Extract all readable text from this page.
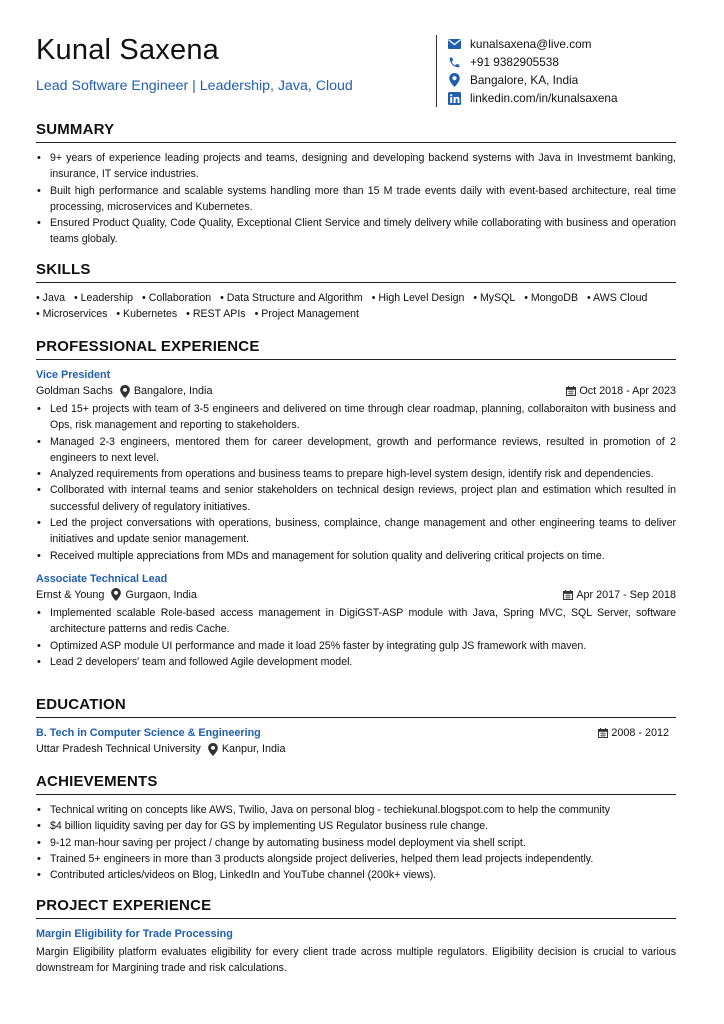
Kunal Saxena
Lead Software Engineer | Leadership, Java, Cloud
kunalsaxena@live.com
+91 9382905538
Bangalore, KA, India
linkedin.com/in/kunalsaxena
SUMMARY
• 9+ years of experience leading projects and teams, designing and developing backend systems with Java in Investmemt banking, insurance, IT service industries.
• Built high performance and scalable systems handling more than 15 M trade events daily with event-based architecture, real time processing, microservices and Kubernetes.
• Ensured Product Quality, Code Quality, Exceptional Client Service and timely delivery while collaborating with business and operation teams globaly.
SKILLS
• Java • Leadership • Collaboration • Data Structure and Algorithm • High Level Design • MySQL • MongoDB • AWS Cloud
• Microservices • Kubernetes • REST APIs • Project Management
PROFESSIONAL EXPERIENCE
Vice President
Goldman Sachs Bangalore, India	Oct 2018 - Apr 2023
• Led 15+ projects with team of 3-5 engineers and delivered on time through clear roadmap, planning, collaboraiton with business and Ops, risk management and reporting to stakeholders.
• Managed 2-3 engineers, mentored them for career development, growth and performance reviews, resulted in promotion of 2 engineers to next level.
• Analyzed requirements from operations and business teams to prepare high-level system design, identify risk and dependencies.
• Collborated with internal teams and senior stakeholders on technical design reviews, project plan and estimation which resulted in successful delivery of regulatory initiatives.
• Led the project conversations with operations, business, complaince, change management and other engineering teams to deliver initiatives and update senior management.
• Received multiple appreciations from MDs and management for solution quality and delivering critical projects on time.
Associate Technical Lead
Ernst & Young Gurgaon, India	Apr 2017 - Sep 2018
• Implemented scalable Role-based access management in DigiGST-ASP module with Java, Spring MVC, SQL Server, software architecture patterns and redis Cache.
• Optimized ASP module UI performance and made it load 25% faster by integrating gulp JS framework with maven.
• Lead 2 developers' team and followed Agile development model.
EDUCATION
B. Tech in Computer Science & Engineering	2008 - 2012
Uttar Pradesh Technical University Kanpur, India
ACHIEVEMENTS
• Technical writing on concepts like AWS, Twilio, Java on personal blog - techiekunal.blogspot.com to help the community
• $4 billion liquidity saving per day for GS by implementing US Regulator business rule change.
• 9-12 man-hour saving per project / change by automating business model deployment via shell script.
• Trained 5+ engineers in more than 3 products alongside project deliveries, helped them lead projects independently.
• Contributed articles/videos on Blog, LinkedIn and YouTube channel (200k+ views).
PROJECT EXPERIENCE
Margin Eligibility for Trade Processing
Margin Eligibility platform evaluates eligibility for every client trade across multiple regulators. Eligibility decision is crucial to various downstream for Margining trade and risk calculations.
